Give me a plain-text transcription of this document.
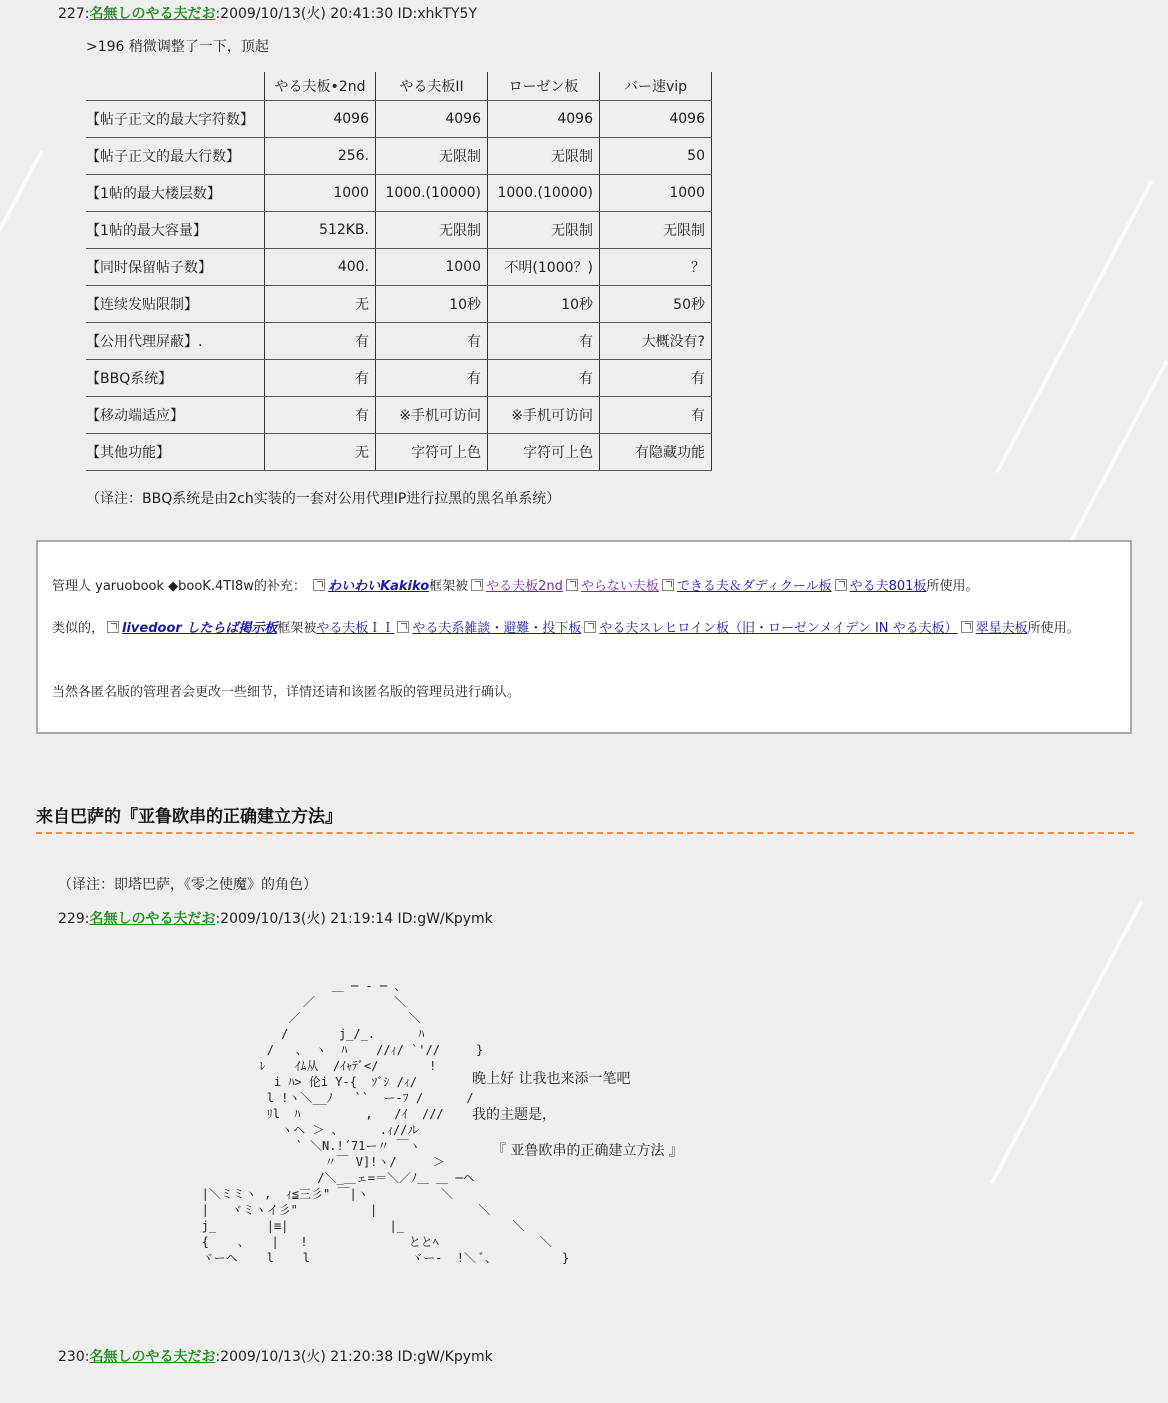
227:名無しのやる夫だお:2009/10/13(火) 20:41:30 ID:xhkTY5Y
>196 稍微调整了一下，顶起
	やる夫板•2nd	やる夫板II	ローゼン板	バー速vip
【帖子正文的最大字符数】	4096	4096	4096	4096
【帖子正文的最大行数】	256.	无限制	无限制	50
【1帖的最大楼层数】	1000	1000.(10000)	1000.(10000)	1000
【1帖的最大容量】	512KB.	无限制	无限制	无限制
【同时保留帖子数】	400.	1000	不明(1000？)	？
【连续发贴限制】	无	10秒	10秒	50秒
【公用代理屏蔽】.	有	有	有	大概没有?
【BBQ系统】	有	有	有	有
【移动端适应】	有	※手机可访问	※手机可访问	有
【其他功能】	无	字符可上色	字符可上色	有隐藏功能
（译注：BBQ系统是由2ch实装的一套对公用代理IP进行拉黑的黑名单系统）

管理人 yaruobook ◆booK.4TI8w的补充： わいわいKakiko框架被 やる夫板2nd やらない夫板 できる夫＆ダディクール板 やる夫801板所使用。

类似的， livedoor したらば掲示板框架被やる夫板ＩＩ やる夫系雑談・避難・投下板 やる夫スレヒロイン板（旧・ローゼンメイデン IN やる夫板） 翠星夫板所使用。

当然各匿名版的管理者会更改一些细节，详情还请和该匿名版的管理员进行确认。

来自巴萨的『亚鲁欧串的正确建立方法』
（译注：即塔巴萨，《零之使魔》的角色）
229:名無しのやる夫だお:2009/10/13(火) 21:19:14 ID:gW/Kpymk
＿ ─ ‐ ─ 、
／           ＼
／               ＼
/       j_/_.      ﾊ
/   、 ヽ  ﾊ    //ｨ/ `'//     }
ﾚ    ｲﾑ从  /ｲｬﾃﾞ</       !
i ﾊ> 伦i Y-{  ｿﾞｼ /ｨ/
l !ヽ＼__ﾉ   ``  ー-ﾌ /      /
ﾘl  ﾊ         ,   /ｲ  ///
ヽヘ ＞ 、     .ｨ//ル
` ＼N.!´71ー〃 ￣ヽ
〃￣ V]!ヽ/     ＞
/＼_＿ェ=＝＼／ﾉ＿ ＿ ─ヘ
|＼ミミヽ ,  ｨ≦三彡" ￣|ヽ          ＼
|   ヾミヽイ彡"          |              ＼
j_       |≡|              |_               ＼
{    、   |   !              ととﾍ              ＼
ヾーヘ    l    l              ヾー‐  !＼ ﾞ、         }
晚上好 让我也来添一笔吧
我的主题是，
『 亚鲁欧串的正确建立方法 』
230:名無しのやる夫だお:2009/10/13(火) 21:20:38 ID:gW/Kpymk
